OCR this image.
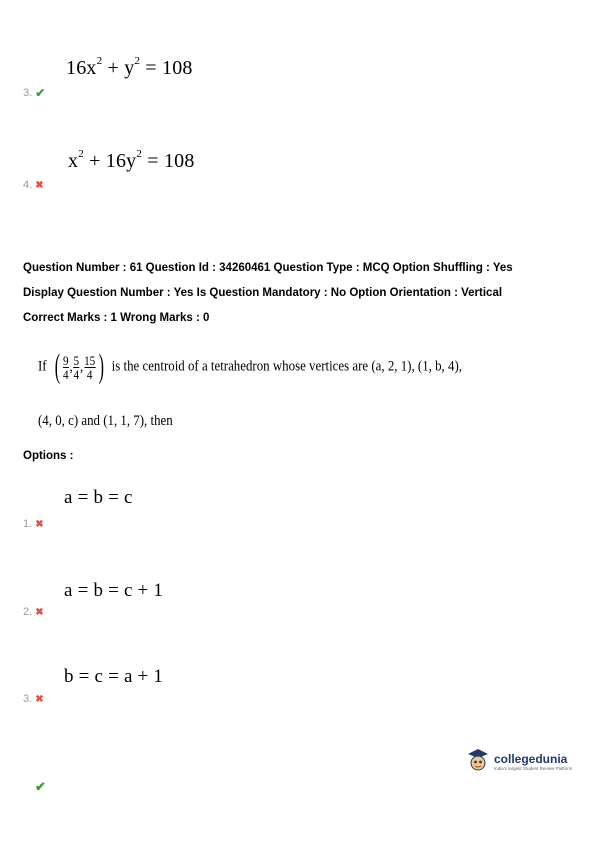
$16x^2 + y^2 = 108$
3. ✔
$x^2 + 16y^2 = 108$
4. ✖
Question Number : 61 Question Id : 34260461 Question Type : MCQ Option Shuffling : Yes
Display Question Number : Yes Is Question Mandatory : No Option Orientation : Vertical
Correct Marks : 1 Wrong Marks : 0
If ( $\frac{9}{4}$ , $\frac{5}{4}$ , $\frac{15}{4}$ ) is the centroid of a tetrahedron whose vertices are (a, 2, 1), (1, b, 4),
(4, 0, c) and (1, 1, 7), then
Options :
a = b = c
1. ✖
a = b = c + 1
2. ✖
b = c = a + 1
3. ✖
✔
collegedunia
India's largest Student Review Platform
